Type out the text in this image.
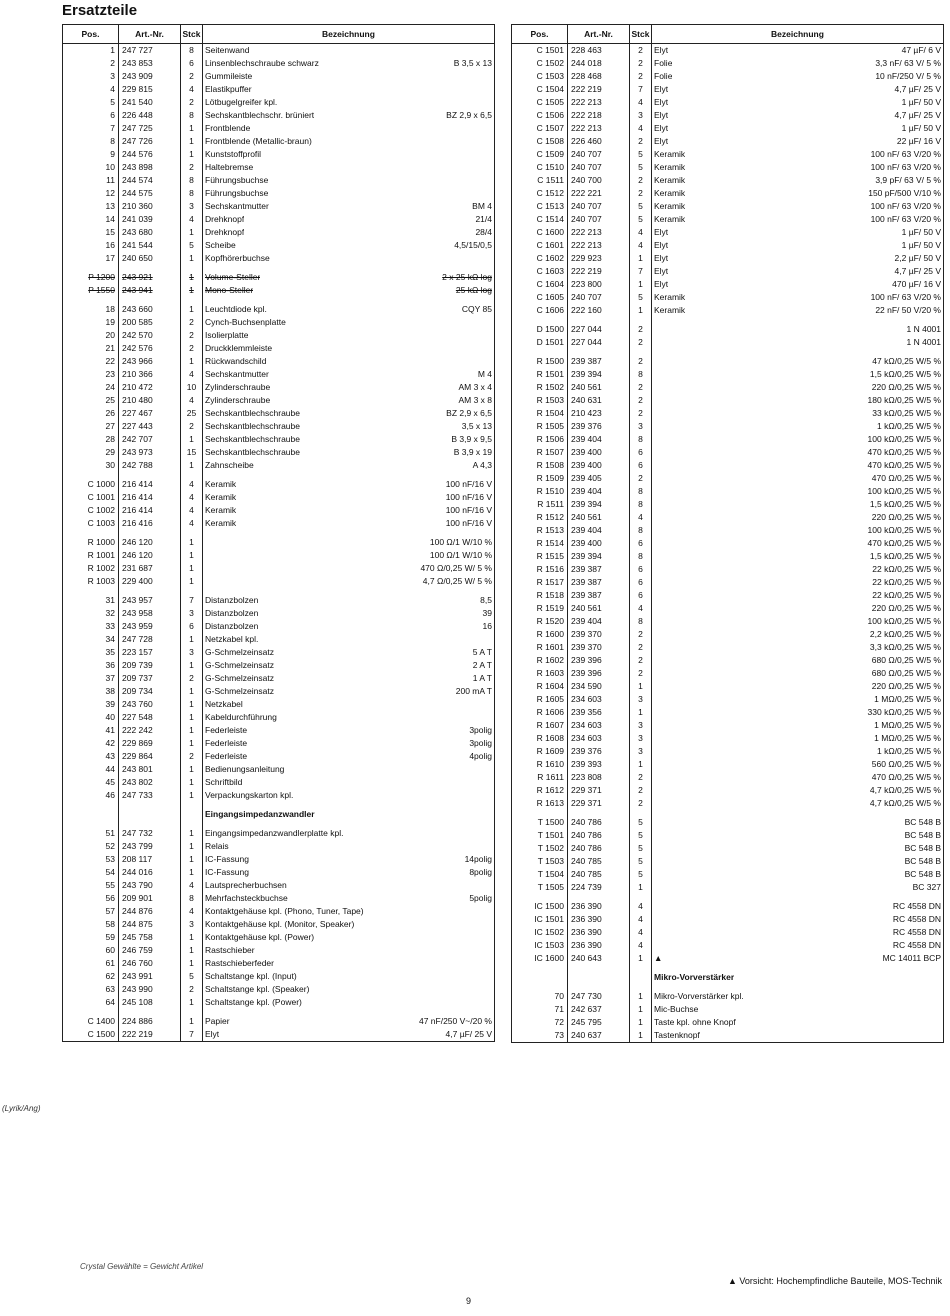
Ersatzteile
Pos.	Art.-Nr.	Stck	Bezeichnung
1	247 727	8	Seitenwand

2	243 853	6	Linsenblechschraube schwarz B 3,5 x 13

3	243 909	2	Gummileiste

4	229 815	4	Elastikpuffer

5	241 540	2	Lötbugelgreifer kpl.

6	226 448	8	Sechskantblechschr. brüniert BZ 2,9 x 6,5

7	247 725	1	Frontblende

8	247 726	1	Frontblende (Metallic-braun)

9	244 576	1	Kunststoffprofil

10	243 898	2	Haltebremse

11	244 574	8	Führungsbuchse

12	244 575	8	Führungsbuchse

13	210 360	3	Sechskantmutter BM 4

14	241 039	4	Drehknopf 21/4

15	243 680	1	Drehknopf 28/4

16	241 544	5	Scheibe 4,5/15/0,5

17	240 650	1	Kopfhörerbuchse

P 1200	243 921	1	Volume-Steller 2 x 25 kΩ log

P 1550	243 941	1	Mono-Steller 25 kΩ log

18	243 660	1	Leuchtdiode kpl. CQY 85

19	200 585	2	Cynch-Buchsenplatte

20	242 570	2	Isolierplatte

21	242 576	2	Druckklemmleiste

22	243 966	1	Rückwandschild

23	210 366	4	Sechskantmutter M 4

24	210 472	10	Zylinderschraube AM 3 x 4

25	210 480	4	Zylinderschraube AM 3 x 8

26	227 467	25	Sechskantblechschraube BZ 2,9 x 6,5

27	227 443	2	Sechskantblechschraube 3,5 x 13

28	242 707	1	Sechskantblechschraube B 3,9 x 9,5

29	243 973	15	Sechskantblechschraube B 3,9 x 19

30	242 788	1	Zahnscheibe A 4,3

C 1000	216 414	4	Keramik 100 nF/16 V

C 1001	216 414	4	Keramik 100 nF/16 V

C 1002	216 414	4	Keramik 100 nF/16 V

C 1003	216 416	4	Keramik 100 nF/16 V

R 1000	246 120	1	100 Ω/1 W/10 %

R 1001	246 120	1	100 Ω/1 W/10 %

R 1002	231 687	1	470 Ω/0,25 W/ 5 %

R 1003	229 400	1	4,7 Ω/0,25 W/ 5 %

31	243 957	7	Distanzbolzen 8,5

32	243 958	3	Distanzbolzen 39

33	243 959	6	Distanzbolzen 16

34	247 728	1	Netzkabel kpl.

35	223 157	3	G-Schmelzeinsatz 5 A T

36	209 739	1	G-Schmelzeinsatz 2 A T

37	209 737	2	G-Schmelzeinsatz 1 A T

38	209 734	1	G-Schmelzeinsatz 200 mA T

39	243 760	1	Netzkabel

40	227 548	1	Kabeldurchführung

41	222 242	1	Federleiste 3polig

42	229 869	1	Federleiste 3polig

43	229 864	2	Federleiste 4polig

44	243 801	1	Bedienungsanleitung

45	243 802	1	Schriftbild

46	247 733	1	Verpackungskarton kpl.

			Eingangsimpedanzwandler

51	247 732	1	Eingangsimpedanzwandlerplatte kpl.

52	243 799	1	Relais

53	208 117	1	IC-Fassung 14polig

54	244 016	1	IC-Fassung 8polig

55	243 790	4	Lautsprecherbuchsen

56	209 901	8	Mehrfachsteckbuchse 5polig

57	244 876	4	Kontaktgehäuse kpl. (Phono, Tuner, Tape)

58	244 875	3	Kontaktgehäuse kpl. (Monitor, Speaker)

59	245 758	1	Kontaktgehäuse kpl. (Power)

60	246 759	1	Rastschieber

61	246 760	1	Rastschieberfeder

62	243 991	5	Schaltstange kpl. (Input)

63	243 990	2	Schaltstange kpl. (Speaker)

64	245 108	1	Schaltstange kpl. (Power)

C 1400	224 886	1	Papier 47 nF/250 V~/20 %

C 1500	222 219	7	Elyt 4,7 µF/ 25 V
Pos.	Art.-Nr.	Stck	Bezeichnung
C 1501	228 463	2	Elyt 47 µF/ 6 V

C 1502	244 018	2	Folie 3,3 nF/ 63 V/ 5 %

C 1503	228 468	2	Folie 10 nF/250 V/ 5 %

C 1504	222 219	7	Elyt 4,7 µF/ 25 V

C 1505	222 213	4	Elyt 1 µF/ 50 V

C 1506	222 218	3	Elyt 4,7 µF/ 25 V

C 1507	222 213	4	Elyt 1 µF/ 50 V

C 1508	226 460	2	Elyt 22 µF/ 16 V

C 1509	240 707	5	Keramik 100 nF/ 63 V/20 %

C 1510	240 707	5	Keramik 100 nF/ 63 V/20 %

C 1511	240 700	2	Keramik 3,9 pF/ 63 V/ 5 %

C 1512	222 221	2	Keramik 150 pF/500 V/10 %

C 1513	240 707	5	Keramik 100 nF/ 63 V/20 %

C 1514	240 707	5	Keramik 100 nF/ 63 V/20 %

C 1600	222 213	4	Elyt 1 µF/ 50 V

C 1601	222 213	4	Elyt 1 µF/ 50 V

C 1602	229 923	1	Elyt 2,2 µF/ 50 V

C 1603	222 219	7	Elyt 4,7 µF/ 25 V

C 1604	223 800	1	Elyt 470 µF/ 16 V

C 1605	240 707	5	Keramik 100 nF/ 63 V/20 %

C 1606	222 160	1	Keramik 22 nF/ 50 V/20 %

D 1500	227 044	2	1 N 4001

D 1501	227 044	2	1 N 4001

R 1500	239 387	2	47 kΩ/0,25 W/5 %

R 1501	239 394	8	1,5 kΩ/0,25 W/5 %

R 1502	240 561	2	220 Ω/0,25 W/5 %

R 1503	240 631	2	180 kΩ/0,25 W/5 %

R 1504	210 423	2	33 kΩ/0,25 W/5 %

R 1505	239 376	3	1 kΩ/0,25 W/5 %

R 1506	239 404	8	100 kΩ/0,25 W/5 %

R 1507	239 400	6	470 kΩ/0,25 W/5 %

R 1508	239 400	6	470 kΩ/0,25 W/5 %

R 1509	239 405	2	470 Ω/0,25 W/5 %

R 1510	239 404	8	100 kΩ/0,25 W/5 %

R 1511	239 394	8	1,5 kΩ/0,25 W/5 %

R 1512	240 561	4	220 Ω/0,25 W/5 %

R 1513	239 404	8	100 kΩ/0,25 W/5 %

R 1514	239 400	6	470 kΩ/0,25 W/5 %

R 1515	239 394	8	1,5 kΩ/0,25 W/5 %

R 1516	239 387	6	22 kΩ/0,25 W/5 %

R 1517	239 387	6	22 kΩ/0,25 W/5 %

R 1518	239 387	6	22 kΩ/0,25 W/5 %

R 1519	240 561	4	220 Ω/0,25 W/5 %

R 1520	239 404	8	100 kΩ/0,25 W/5 %

R 1600	239 370	2	2,2 kΩ/0,25 W/5 %

R 1601	239 370	2	3,3 kΩ/0,25 W/5 %

R 1602	239 396	2	680 Ω/0,25 W/5 %

R 1603	239 396	2	680 Ω/0,25 W/5 %

R 1604	234 590	1	220 Ω/0,25 W/5 %

R 1605	234 603	3	1 MΩ/0,25 W/5 %

R 1606	239 356	1	330 kΩ/0,25 W/5 %

R 1607	234 603	3	1 MΩ/0,25 W/5 %

R 1608	234 603	3	1 MΩ/0,25 W/5 %

R 1609	239 376	3	1 kΩ/0,25 W/5 %

R 1610	239 393	1	560 Ω/0,25 W/5 %

R 1611	223 808	2	470 Ω/0,25 W/5 %

R 1612	229 371	2	4,7 kΩ/0,25 W/5 %

R 1613	229 371	2	4,7 kΩ/0,25 W/5 %

T 1500	240 786	5	BC 548 B

T 1501	240 786	5	BC 548 B

T 1502	240 786	5	BC 548 B

T 1503	240 785	5	BC 548 B

T 1504	240 785	5	BC 548 B

T 1505	224 739	1	BC 327

IC 1500	236 390	4	RC 4558 DN

IC 1501	236 390	4	RC 4558 DN

IC 1502	236 390	4	RC 4558 DN

IC 1503	236 390	4	RC 4558 DN

IC 1600	240 643	1	▲ MC 14011 BCP

			Mikro-Vorverstärker

70	247 730	1	Mikro-Vorverstärker kpl.

71	242 637	1	Mic-Buchse

72	245 795	1	Taste kpl. ohne Knopf

73	240 637	1	Tastenknopf
(Lyrik/Ang)
Crystal Gewählte = Gewicht Artikel
▲ Vorsicht: Hochempfindliche Bauteile, MOS-Technik
9
